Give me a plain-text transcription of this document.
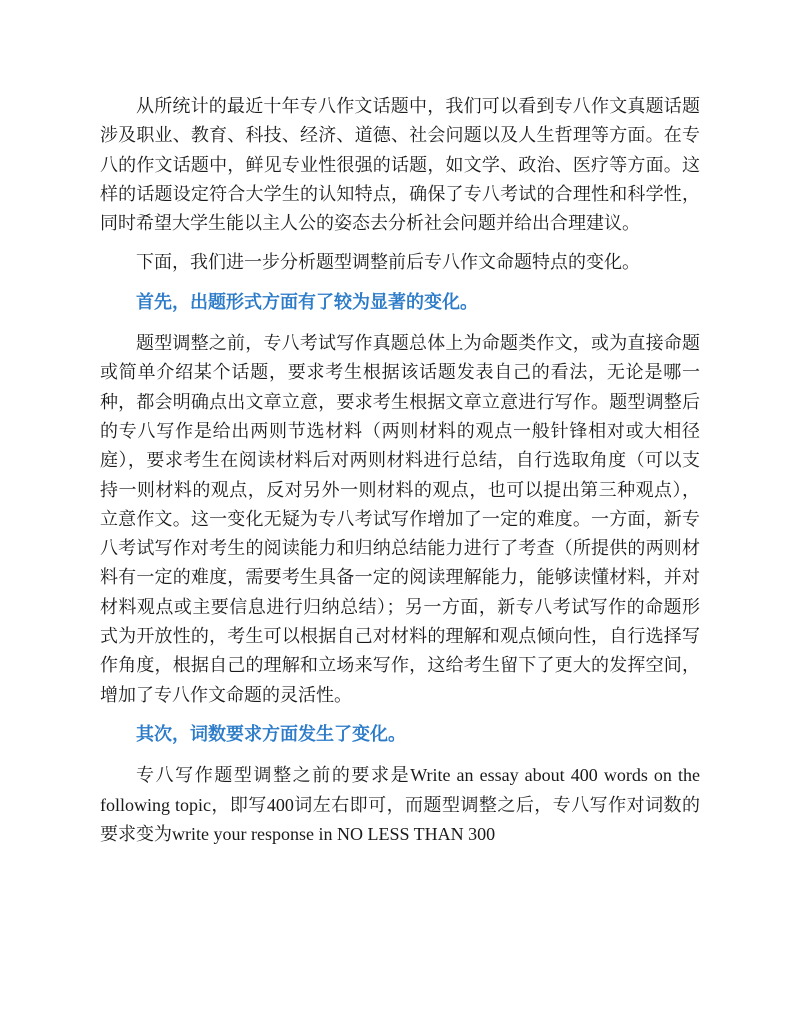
从所统计的最近十年专八作文话题中，我们可以看到专八作文真题话题涉及职业、教育、科技、经济、道德、社会问题以及人生哲理等方面。在专八的作文话题中，鲜见专业性很强的话题，如文学、政治、医疗等方面。这样的话题设定符合大学生的认知特点，确保了专八考试的合理性和科学性，同时希望大学生能以主人公的姿态去分析社会问题并给出合理建议。

下面，我们进一步分析题型调整前后专八作文命题特点的变化。

首先，出题形式方面有了较为显著的变化。

题型调整之前，专八考试写作真题总体上为命题类作文，或为直接命题或简单介绍某个话题，要求考生根据该话题发表自己的看法，无论是哪一种，都会明确点出文章立意，要求考生根据文章立意进行写作。题型调整后的专八写作是给出两则节选材料（两则材料的观点一般针锋相对或大相径庭），要求考生在阅读材料后对两则材料进行总结，自行选取角度（可以支持一则材料的观点，反对另外一则材料的观点，也可以提出第三种观点），立意作文。这一变化无疑为专八考试写作增加了一定的难度。一方面，新专八考试写作对考生的阅读能力和归纳总结能力进行了考查（所提供的两则材料有一定的难度，需要考生具备一定的阅读理解能力，能够读懂材料，并对材料观点或主要信息进行归纳总结）；另一方面，新专八考试写作的命题形式为开放性的，考生可以根据自己对材料的理解和观点倾向性，自行选择写作角度，根据自己的理解和立场来写作，这给考生留下了更大的发挥空间，增加了专八作文命题的灵活性。

其次，词数要求方面发生了变化。

专八写作题型调整之前的要求是Write an essay about 400 words on the following topic，即写400词左右即可，而题型调整之后，专八写作对词数的要求变为write your response in NO LESS THAN 300
